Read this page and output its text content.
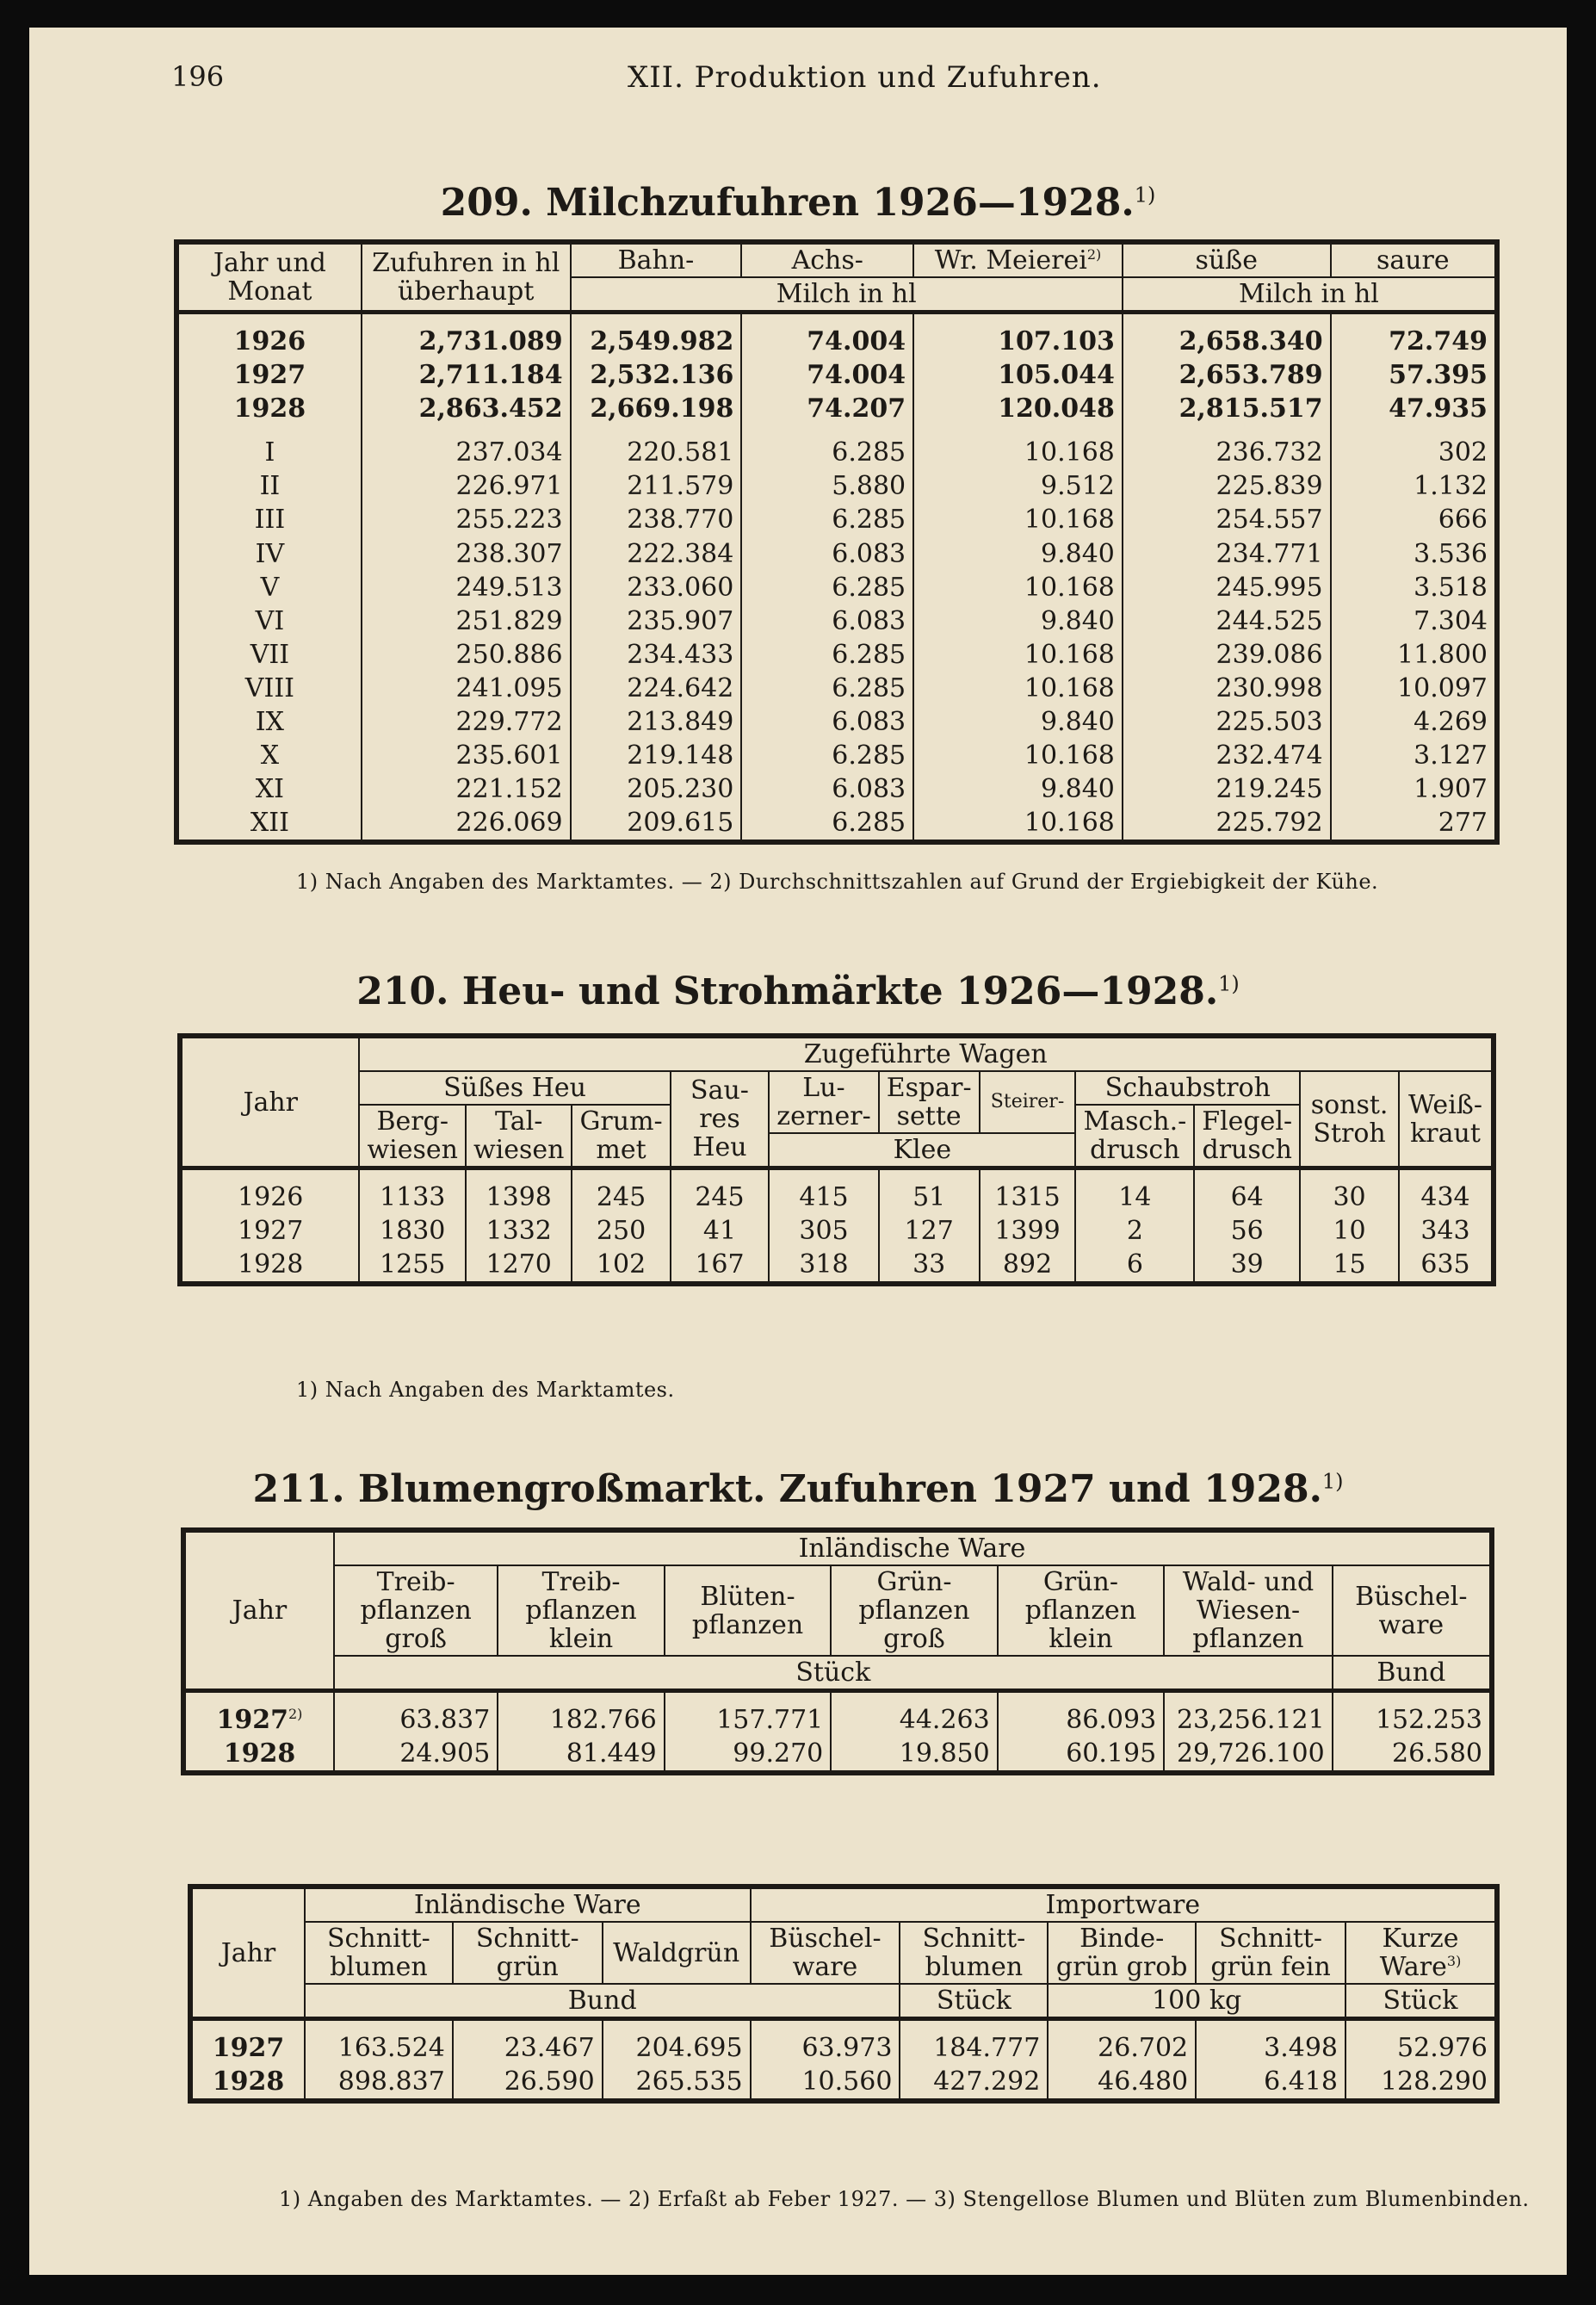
196	XII. Produktion und Zufuhren.
209. Milchzufuhren 1926—1928.$^{1)}$
Jahr und Monat	Zufuhren in hl überhaupt	Bahn-	Achs-	Wr. Meierei$^{2)}$	süße	saure
		Milch in hl			Milch in hl	
1926	2,731.089	2,549.982	74.004	107.103	2,658.340	72.749
1927	2,711.184	2,532.136	74.004	105.044	2,653.789	57.395
1928	2,863.452	2,669.198	74.207	120.048	2,815.517	47.935
I	237.034	220.581	6.285	10.168	236.732	302
II	226.971	211.579	5.880	9.512	225.839	1.132
III	255.223	238.770	6.285	10.168	254.557	666
IV	238.307	222.384	6.083	9.840	234.771	3.536
V	249.513	233.060	6.285	10.168	245.995	3.518
VI	251.829	235.907	6.083	9.840	244.525	7.304
VII	250.886	234.433	6.285	10.168	239.086	11.800
VIII	241.095	224.642	6.285	10.168	230.998	10.097
IX	229.772	213.849	6.083	9.840	225.503	4.269
X	235.601	219.148	6.285	10.168	232.474	3.127
XI	221.152	205.230	6.083	9.840	219.245	1.907
XII	226.069	209.615	6.285	10.168	225.792	277
1) Nach Angaben des Marktamtes. — 2) Durchschnittszahlen auf Grund der Ergiebigkeit der Kühe.
210. Heu- und Strohmärkte 1926—1928.$^{1)}$
Jahr	Zugeführte Wagen										
	Süßes Heu			Sau-res Heu	Lu-zerner-	Espar-sette	Steirer-	Schaubstroh		sonst. Stroh	Weiß-kraut
	Berg-wiesen	Tal-wiesen	Grum-met					Masch.-drusch	Flegel-drusch		
					Klee						
1926	1133	1398	245	245	415	51	1315	14	64	30	434
1927	1830	1332	250	41	305	127	1399	2	56	10	343
1928	1255	1270	102	167	318	33	892	6	39	15	635
1) Nach Angaben des Marktamtes.
211. Blumengroßmarkt. Zufuhren 1927 und 1928.$^{1)}$
Jahr	Inländische Ware						
	Treib-pflanzen groß	Treib-pflanzen klein	Blüten-pflanzen	Grün-pflanzen groß	Grün-pflanzen klein	Wald- und Wiesen-pflanzen	Büschel-ware
	Stück						Bund
1927$^{2)}$	63.837	182.766	157.771	44.263	86.093	23,256.121	152.253
1928	24.905	81.449	99.270	19.850	60.195	29,726.100	26.580
Jahr	Inländische Ware			Importware				
	Schnitt-blumen	Schnitt-grün	Waldgrün	Büschel-ware	Schnitt-blumen	Binde-grün grob	Schnitt-grün fein	Kurze Ware$^{3)}$
	Bund				Stück	100 kg		Stück
1927	163.524	23.467	204.695	63.973	184.777	26.702	3.498	52.976
1928	898.837	26.590	265.535	10.560	427.292	46.480	6.418	128.290
1) Angaben des Marktamtes. — 2) Erfaßt ab Feber 1927. — 3) Stengellose Blumen und Blüten zum Blumenbinden.
